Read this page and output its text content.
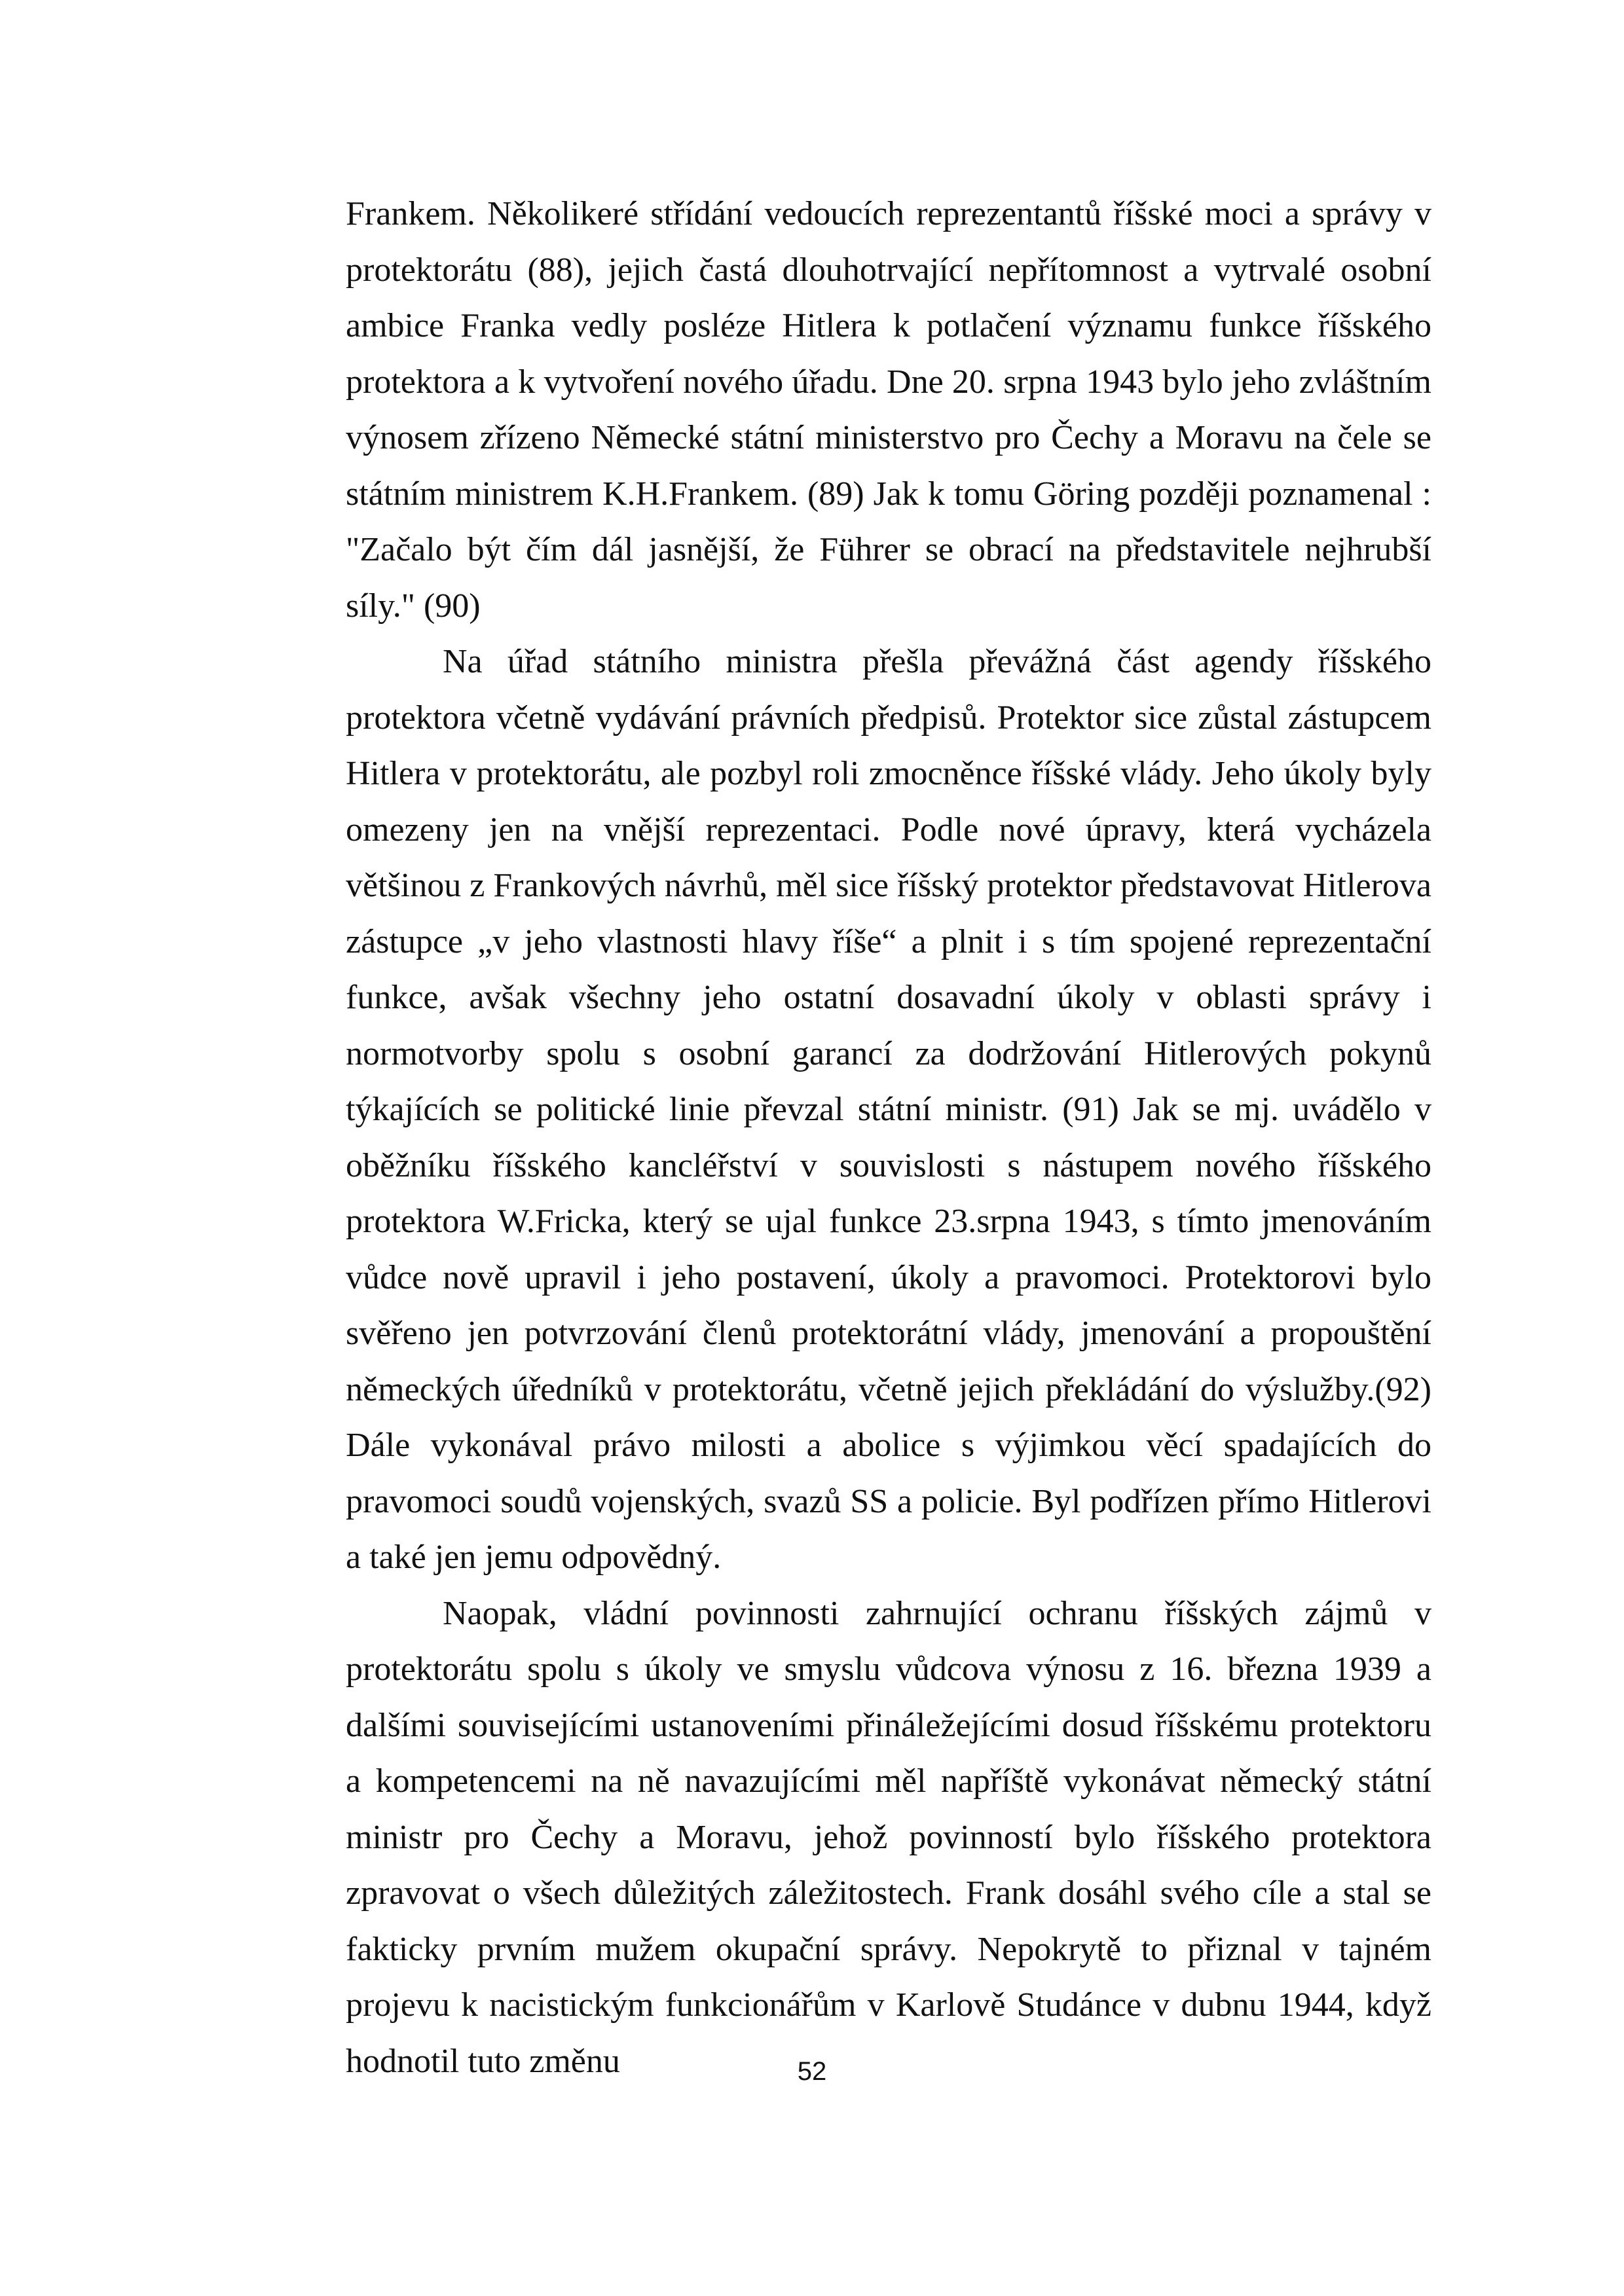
Frankem. Několikeré střídání vedoucích reprezentantů říšské moci a správy v protektorátu (88), jejich častá dlouhotrvající nepřítomnost a vytrvalé osobní ambice Franka vedly posléze Hitlera k potlačení významu funkce říšského protektora a k vytvoření nového úřadu. Dne 20. srpna 1943 bylo jeho zvláštním výnosem zřízeno Německé státní ministerstvo pro Čechy a Moravu na čele se státním ministrem K.H.Frankem. (89) Jak k tomu Göring později poznamenal : "Začalo být čím dál jasnější, že Führer se obrací na představitele nejhrubší síly." (90)

Na úřad státního ministra přešla převážná část agendy říšského protektora včetně vydávání právních předpisů. Protektor sice zůstal zástupcem Hitlera v protektorátu, ale pozbyl roli zmocněnce říšské vlády. Jeho úkoly byly omezeny jen na vnější reprezentaci. Podle nové úpravy, která vycházela většinou z Frankových návrhů, měl sice říšský protektor představovat Hitlerova zástupce „v jeho vlastnosti hlavy říše“ a plnit i s tím spojené reprezentační funkce, avšak všechny jeho ostatní dosavadní úkoly v oblasti správy i normotvorby spolu s osobní garancí za dodržování Hitlerových pokynů týkajících se politické linie převzal státní ministr. (91) Jak se mj. uvádělo v oběžníku říšského kancléřství v souvislosti s nástupem nového říšského protektora W.Fricka, který se ujal funkce 23.srpna 1943, s tímto jmenováním vůdce nově upravil i jeho postavení, úkoly a pravomoci. Protektorovi bylo svěřeno jen potvrzování členů protektorátní vlády, jmenování a propouštění německých úředníků v protektorátu, včetně jejich překládání do výslužby.(92) Dále vykonával právo milosti a abolice s výjimkou věcí spadajících do pravomoci soudů vojenských, svazů SS a policie. Byl podřízen přímo Hitlerovi a také jen jemu odpovědný.

Naopak, vládní povinnosti zahrnující ochranu říšských zájmů v protektorátu spolu s úkoly ve smyslu vůdcova výnosu z 16. března 1939 a dalšími souvisejícími ustanoveními přináležejícími dosud říšskému protektoru a kompetencemi na ně navazujícími měl napříště vykonávat německý státní ministr pro Čechy a Moravu, jehož povinností bylo říšského protektora zpravovat o všech důležitých záležitostech. Frank dosáhl svého cíle a stal se fakticky prvním mužem okupační správy. Nepokrytě to přiznal v tajném projevu k nacistickým funkcionářům v Karlově Studánce v dubnu 1944, když hodnotil tuto změnu	52
